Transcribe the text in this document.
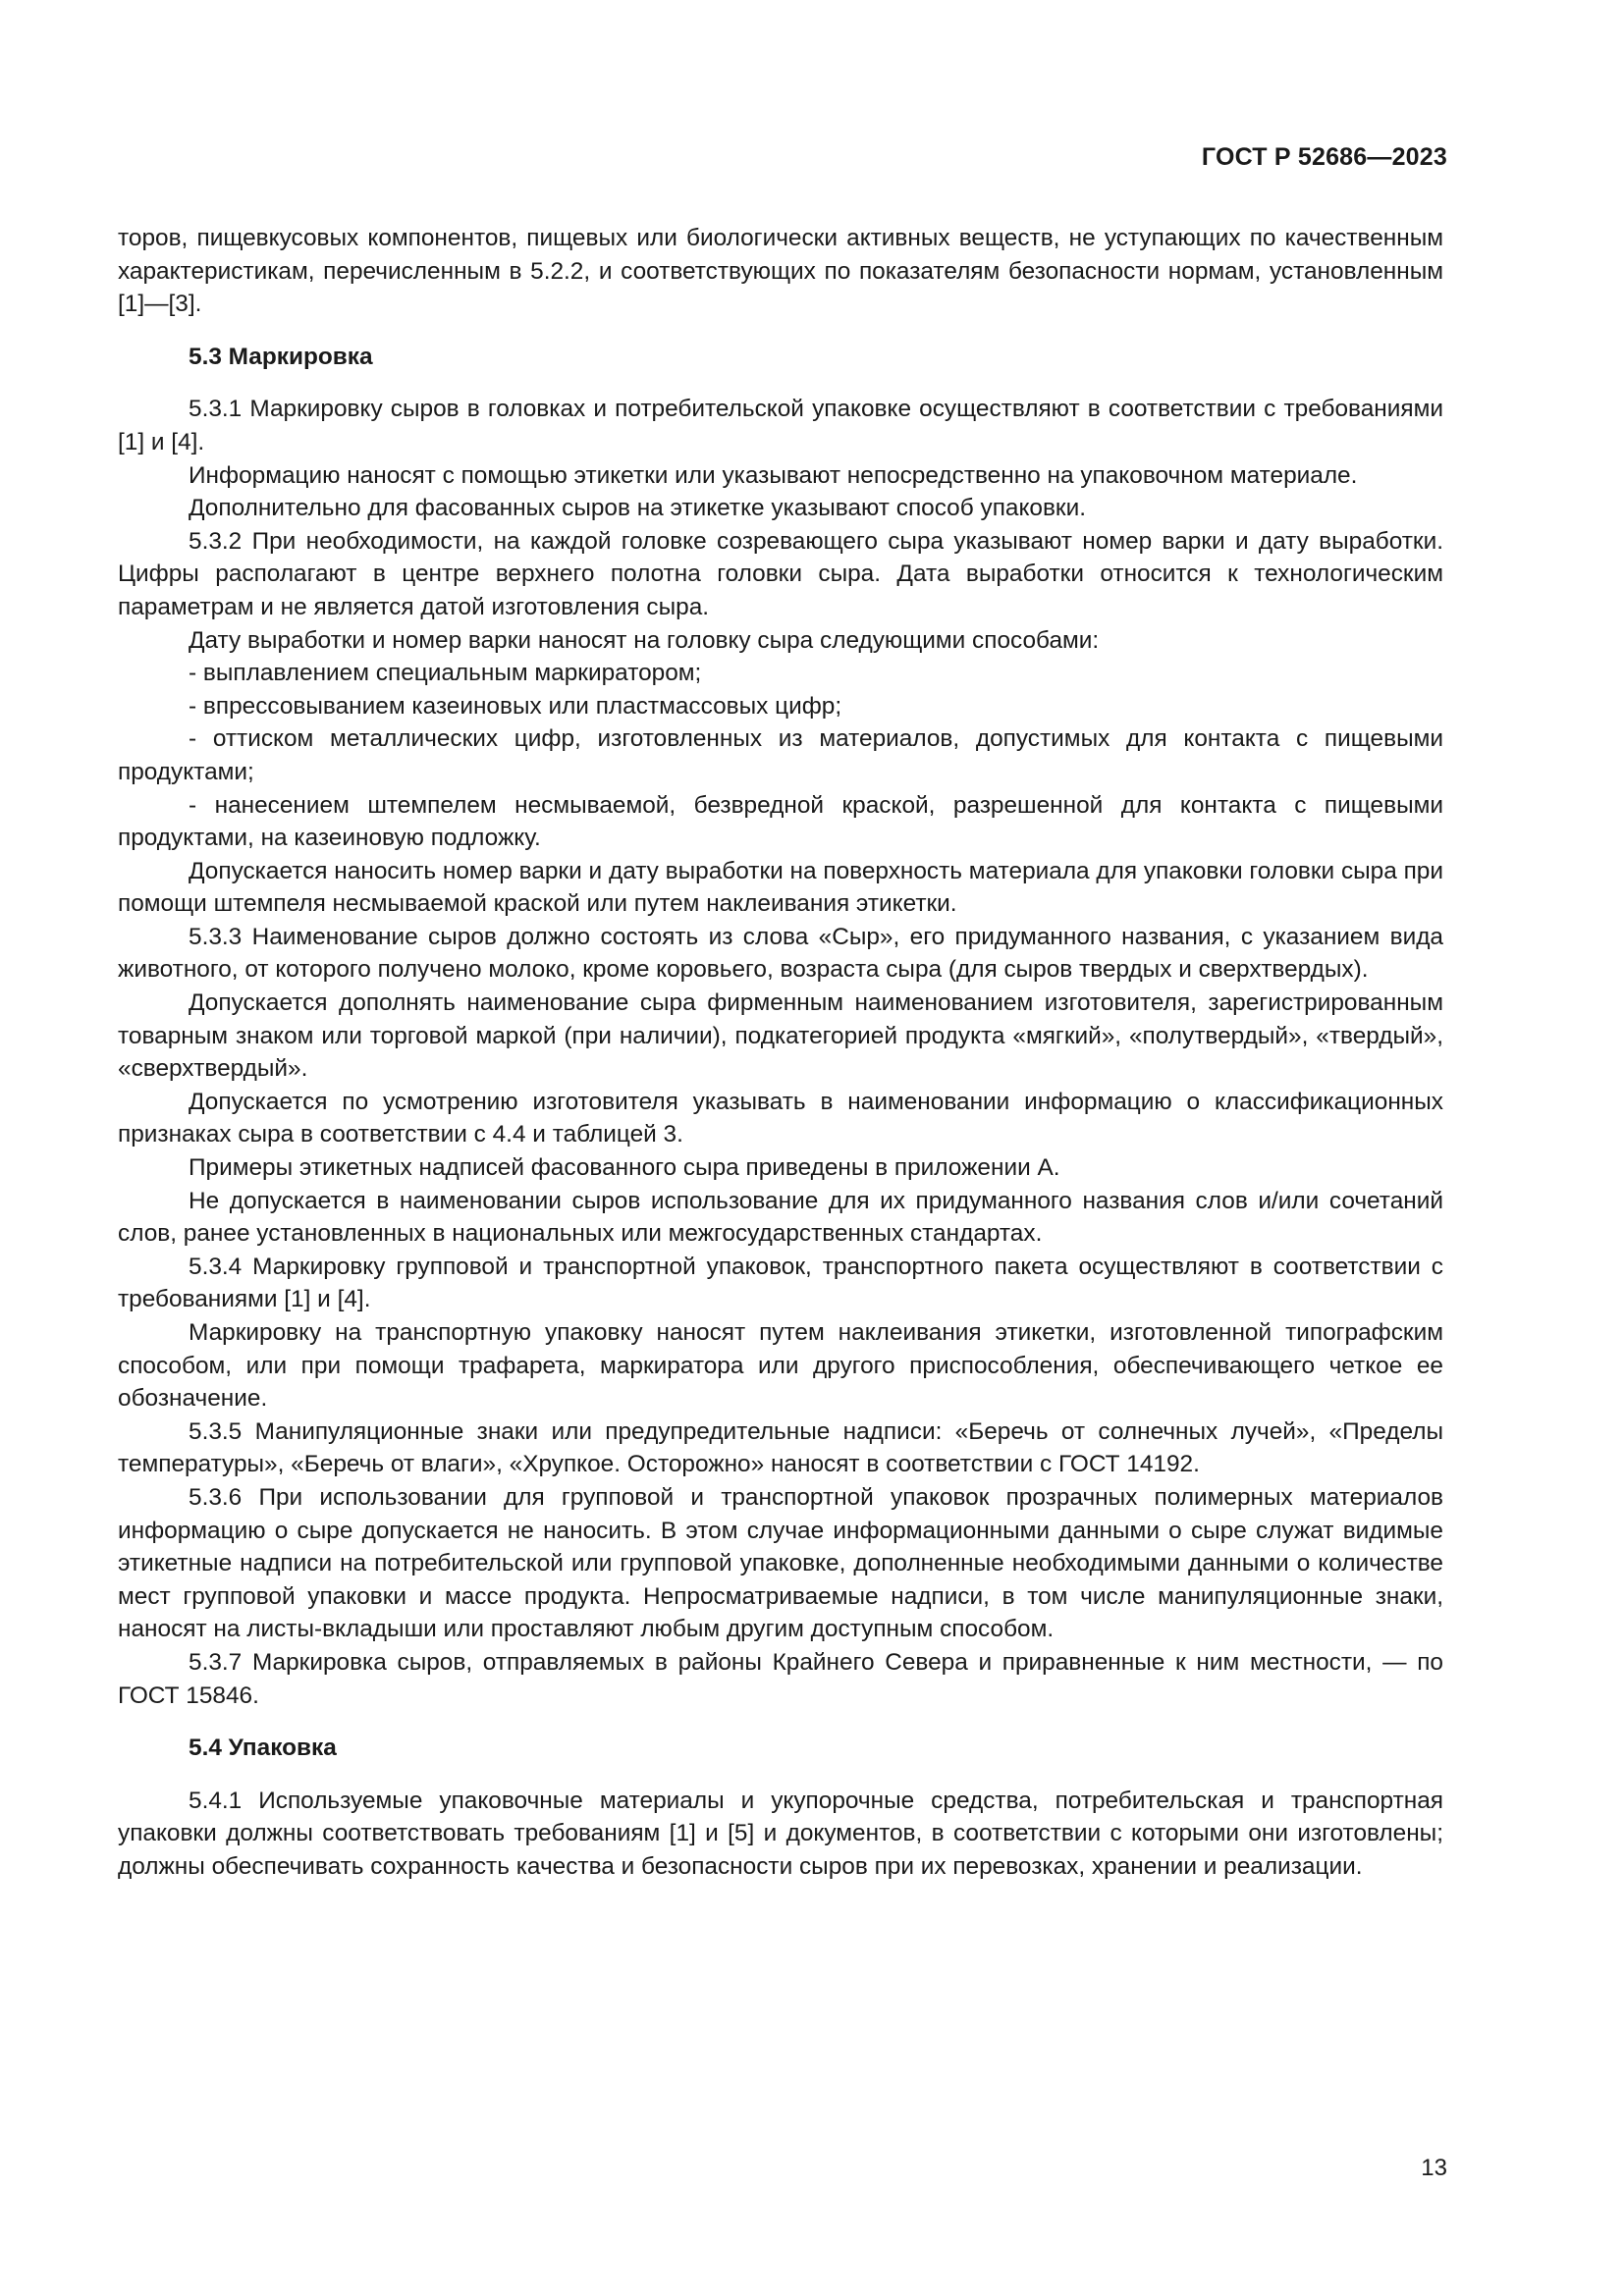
ГОСТ Р 52686—2023

торов, пищевкусовых компонентов, пищевых или биологически активных веществ, не уступающих по качественным характеристикам, перечисленным в 5.2.2, и соответствующих по показателям безопасности нормам, установленным [1]—[3].

5.3 Маркировка

5.3.1 Маркировку сыров в головках и потребительской упаковке осуществляют в соответствии с требованиями [1] и [4].

Информацию наносят с помощью этикетки или указывают непосредственно на упаковочном материале.

Дополнительно для фасованных сыров на этикетке указывают способ упаковки.

5.3.2 При необходимости, на каждой головке созревающего сыра указывают номер варки и дату выработки. Цифры располагают в центре верхнего полотна головки сыра. Дата выработки относится к технологическим параметрам и не является датой изготовления сыра.

Дату выработки и номер варки наносят на головку сыра следующими способами:

- выплавлением специальным маркиратором;

- впрессовыванием казеиновых или пластмассовых цифр;

- оттиском металлических цифр, изготовленных из материалов, допустимых для контакта с пищевыми продуктами;

- нанесением штемпелем несмываемой, безвредной краской, разрешенной для контакта с пищевыми продуктами, на казеиновую подложку.

Допускается наносить номер варки и дату выработки на поверхность материала для упаковки головки сыра при помощи штемпеля несмываемой краской или путем наклеивания этикетки.

5.3.3 Наименование сыров должно состоять из слова «Сыр», его придуманного названия, с указанием вида животного, от которого получено молоко, кроме коровьего, возраста сыра (для сыров твердых и сверхтвердых).

Допускается дополнять наименование сыра фирменным наименованием изготовителя, зарегистрированным товарным знаком или торговой маркой (при наличии), подкатегорией продукта «мягкий», «полутвердый», «твердый», «сверхтвердый».

Допускается по усмотрению изготовителя указывать в наименовании информацию о классификационных признаках сыра в соответствии с 4.4 и таблицей 3.

Примеры этикетных надписей фасованного сыра приведены в приложении А.

Не допускается в наименовании сыров использование для их придуманного названия слов и/или сочетаний слов, ранее установленных в национальных или межгосударственных стандартах.

5.3.4 Маркировку групповой и транспортной упаковок, транспортного пакета осуществляют в соответствии с требованиями [1] и [4].

Маркировку на транспортную упаковку наносят путем наклеивания этикетки, изготовленной типографским способом, или при помощи трафарета, маркиратора или другого приспособления, обеспечивающего четкое ее обозначение.

5.3.5 Манипуляционные знаки или предупредительные надписи: «Беречь от солнечных лучей», «Пределы температуры», «Беречь от влаги», «Хрупкое. Осторожно» наносят в соответствии с ГОСТ 14192.

5.3.6 При использовании для групповой и транспортной упаковок прозрачных полимерных материалов информацию о сыре допускается не наносить. В этом случае информационными данными о сыре служат видимые этикетные надписи на потребительской или групповой упаковке, дополненные необходимыми данными о количестве мест групповой упаковки и массе продукта. Непросматриваемые надписи, в том числе манипуляционные знаки, наносят на листы-вкладыши или проставляют любым другим доступным способом.

5.3.7 Маркировка сыров, отправляемых в районы Крайнего Севера и приравненные к ним местности, — по ГОСТ 15846.

5.4 Упаковка

5.4.1 Используемые упаковочные материалы и укупорочные средства, потребительская и транспортная упаковки должны соответствовать требованиям [1] и [5] и документов, в соответствии с которыми они изготовлены; должны обеспечивать сохранность качества и безопасности сыров при их перевозках, хранении и реализации.

13
